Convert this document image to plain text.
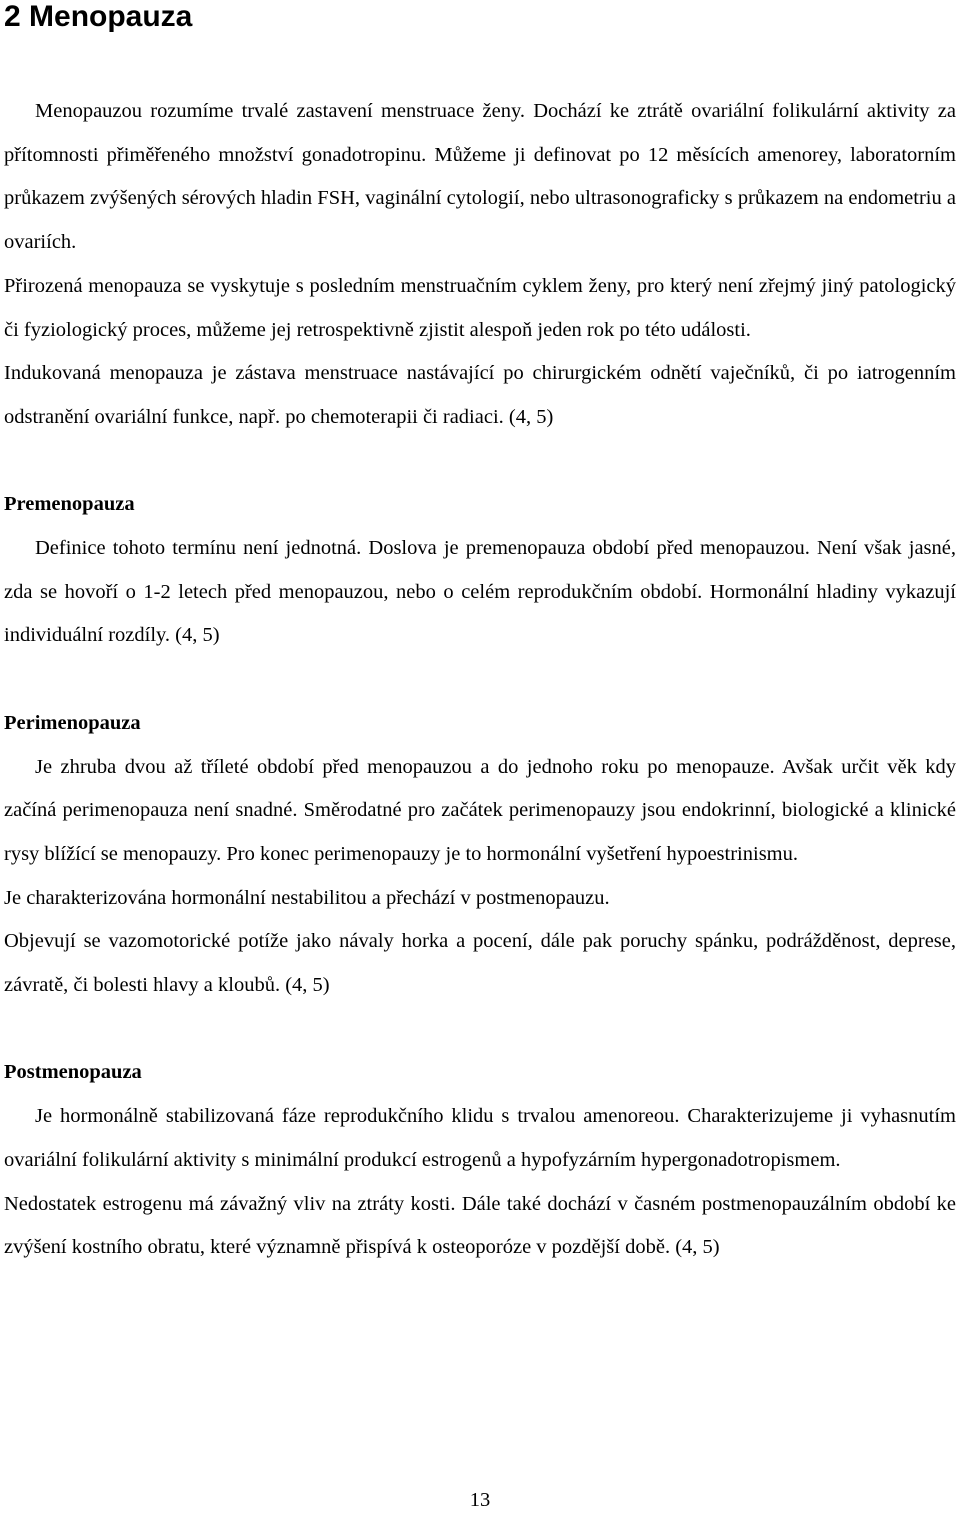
2 Menopauza

Menopauzou rozumíme trvalé zastavení menstruace ženy. Dochází ke ztrátě ovariální folikulární aktivity za přítomnosti přiměřeného množství gonadotropinu. Můžeme ji definovat po 12 měsících amenorey, laboratorním průkazem zvýšených sérových hladin FSH, vaginální cytologií, nebo ultrasonograficky s průkazem na endometriu a ovariích.

Přirozená menopauza se vyskytuje s posledním menstruačním cyklem ženy, pro který není zřejmý jiný patologický či fyziologický proces, můžeme jej retrospektivně zjistit alespoň jeden rok po této události.

Indukovaná menopauza je zástava menstruace nastávající po chirurgickém odnětí vaječníků, či po iatrogenním odstranění ovariální funkce, např. po chemoterapii či radiaci. (4, 5)

Premenopauza

Definice tohoto termínu není jednotná. Doslova je premenopauza období před menopauzou. Není však jasné, zda se hovoří o 1-2 letech před menopauzou, nebo o celém reprodukčním období. Hormonální hladiny vykazují individuální rozdíly. (4, 5)

Perimenopauza

Je zhruba dvou až tříleté období před menopauzou a do jednoho roku po menopauze. Avšak určit věk kdy začíná perimenopauza není snadné. Směrodatné pro začátek perimenopauzy jsou endokrinní, biologické a klinické rysy blížící se menopauzy. Pro konec perimenopauzy je to hormonální vyšetření hypoestrinismu.

Je charakterizována hormonální nestabilitou a přechází v postmenopauzu.

Objevují se vazomotorické potíže jako návaly horka a pocení, dále pak poruchy spánku, podrážděnost, deprese, závratě, či bolesti hlavy a kloubů. (4, 5)

Postmenopauza

Je hormonálně stabilizovaná fáze reprodukčního klidu s trvalou amenoreou. Charakterizujeme ji vyhasnutím ovariální folikulární aktivity s minimální produkcí estrogenů a hypofyzárním hypergonadotropismem.

Nedostatek estrogenu má závažný vliv na ztráty kosti. Dále také dochází v časném postmenopauzálním období ke zvýšení kostního obratu, které významně přispívá k osteoporóze v pozdější době. (4, 5)

13
